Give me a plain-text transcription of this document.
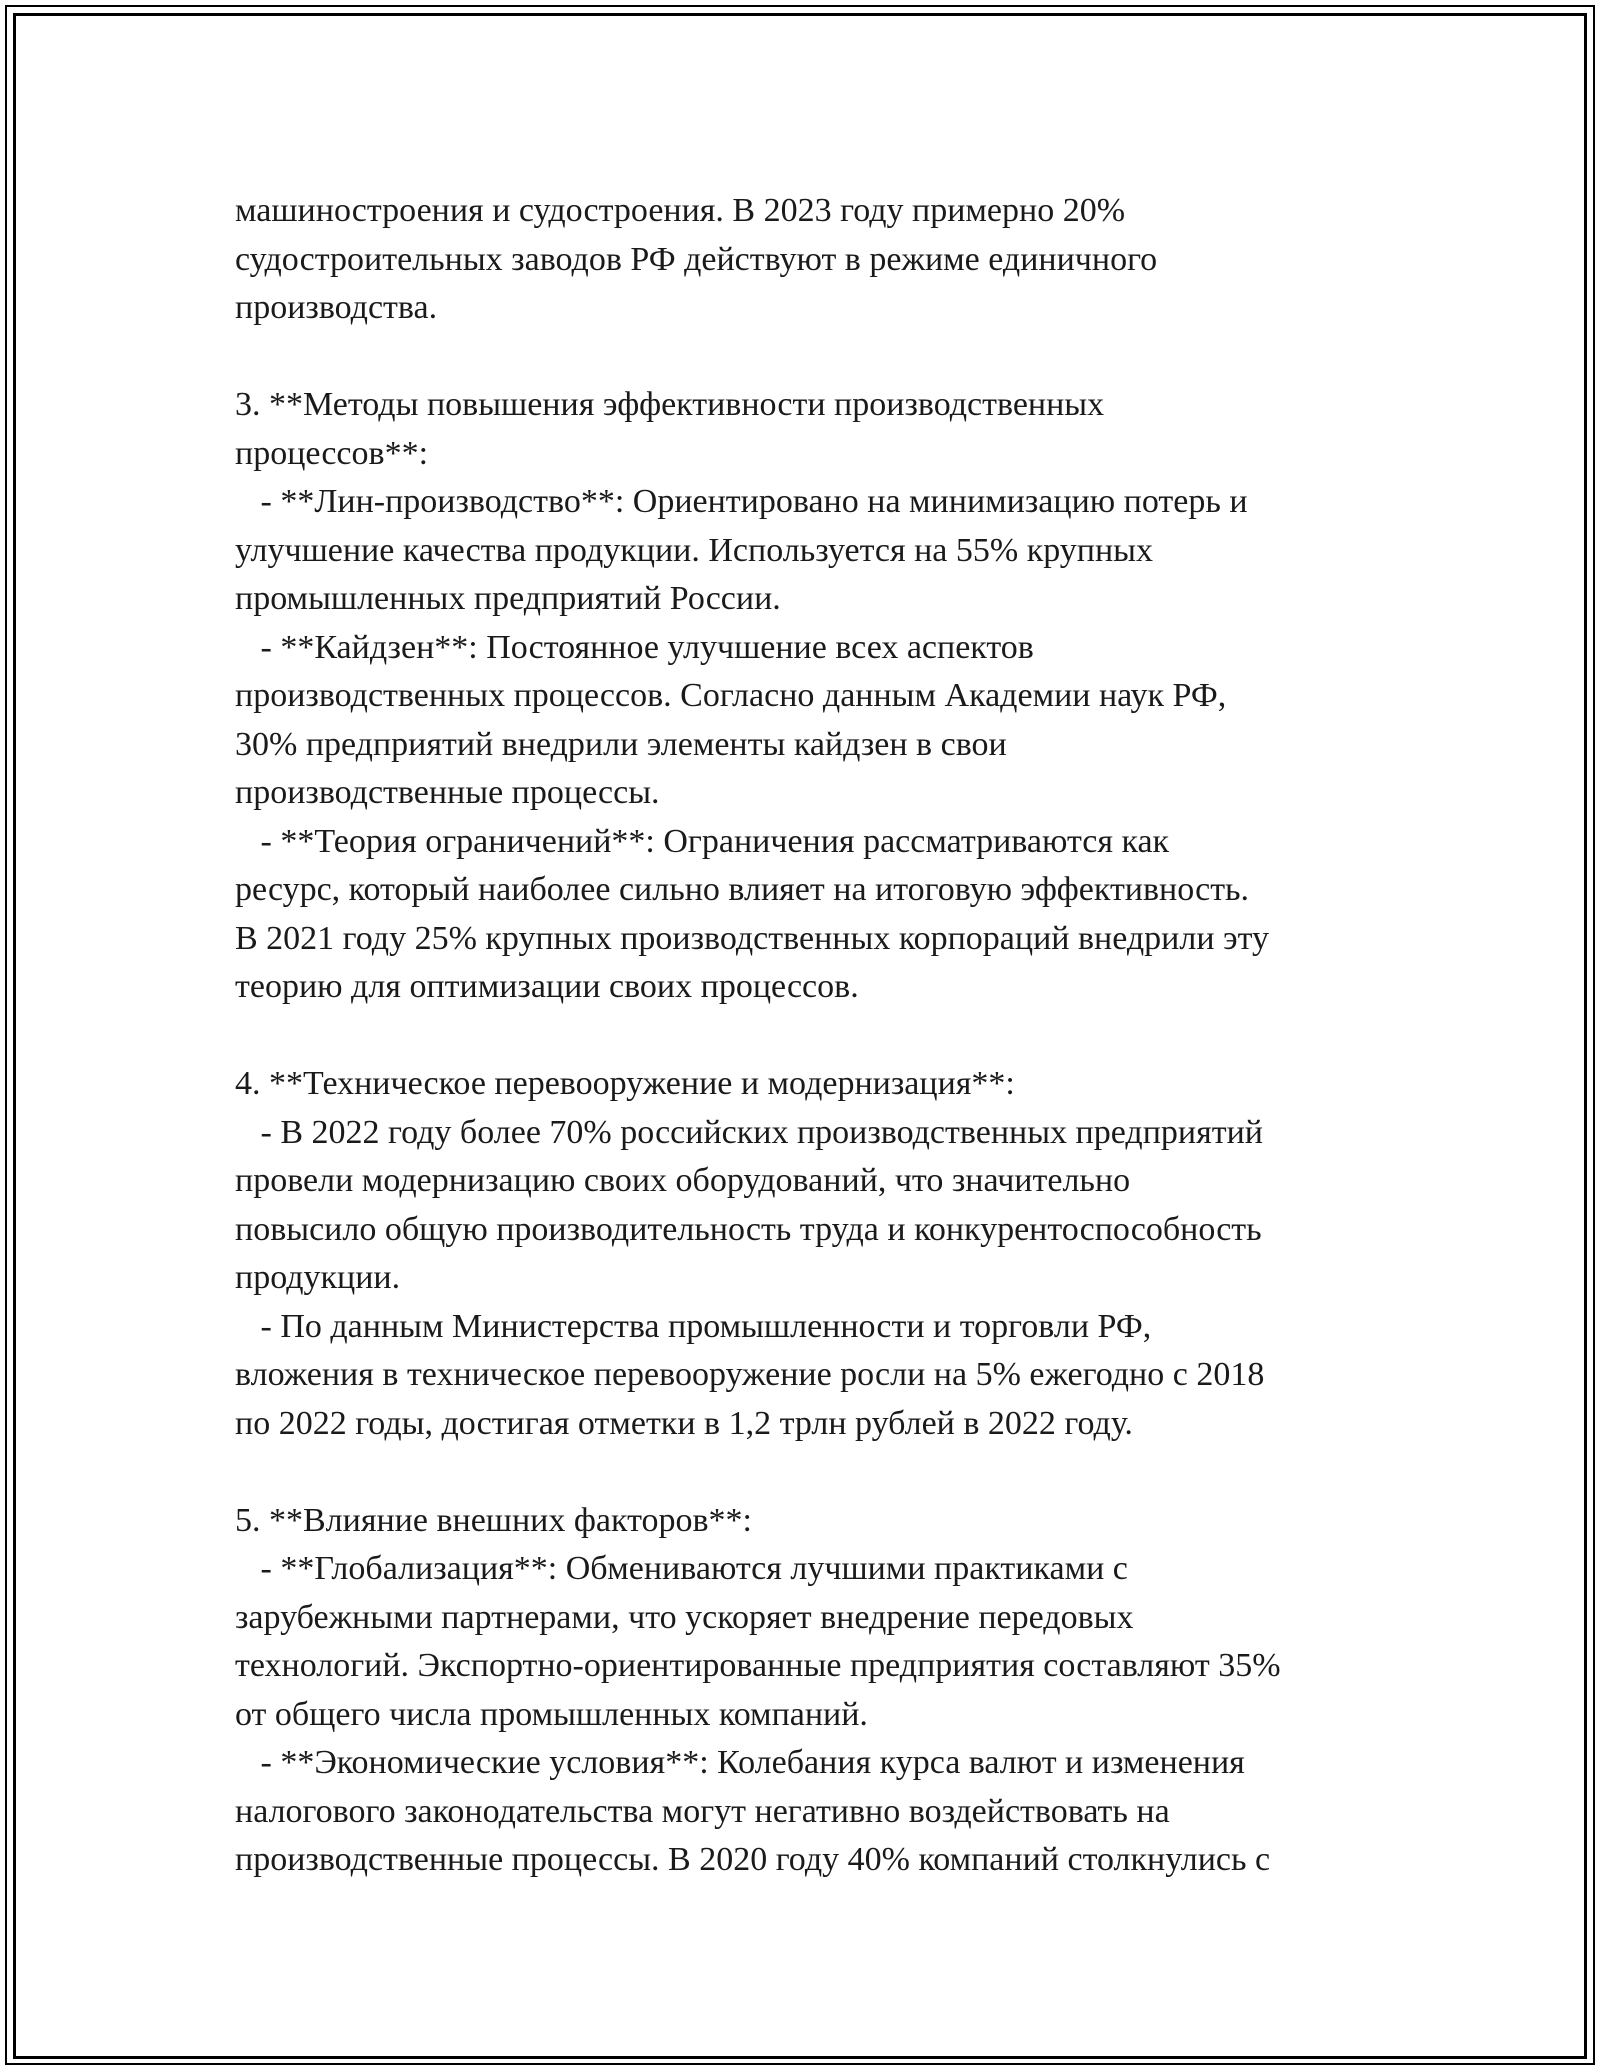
машиностроения и судостроения. В 2023 году примерно 20%
судостроительных заводов РФ действуют в режиме единичного
производства.
3. **Методы повышения эффективности производственных
процессов**:
- **Лин-производство**: Ориентировано на минимизацию потерь и
улучшение качества продукции. Используется на 55% крупных
промышленных предприятий России.
- **Кайдзен**: Постоянное улучшение всех аспектов
производственных процессов. Согласно данным Академии наук РФ,
30% предприятий внедрили элементы кайдзен в свои
производственные процессы.
- **Теория ограничений**: Ограничения рассматриваются как
ресурс, который наиболее сильно влияет на итоговую эффективность.
В 2021 году 25% крупных производственных корпораций внедрили эту
теорию для оптимизации своих процессов.
4. **Техническое перевооружение и модернизация**:
- В 2022 году более 70% российских производственных предприятий
провели модернизацию своих оборудований, что значительно
повысило общую производительность труда и конкурентоспособность
продукции.
- По данным Министерства промышленности и торговли РФ,
вложения в техническое перевооружение росли на 5% ежегодно с 2018
по 2022 годы, достигая отметки в 1,2 трлн рублей в 2022 году.
5. **Влияние внешних факторов**:
- **Глобализация**: Обмениваются лучшими практиками с
зарубежными партнерами, что ускоряет внедрение передовых
технологий. Экспортно-ориентированные предприятия составляют 35%
от общего числа промышленных компаний.
- **Экономические условия**: Колебания курса валют и изменения
налогового законодательства могут негативно воздействовать на
производственные процессы. В 2020 году 40% компаний столкнулись с
